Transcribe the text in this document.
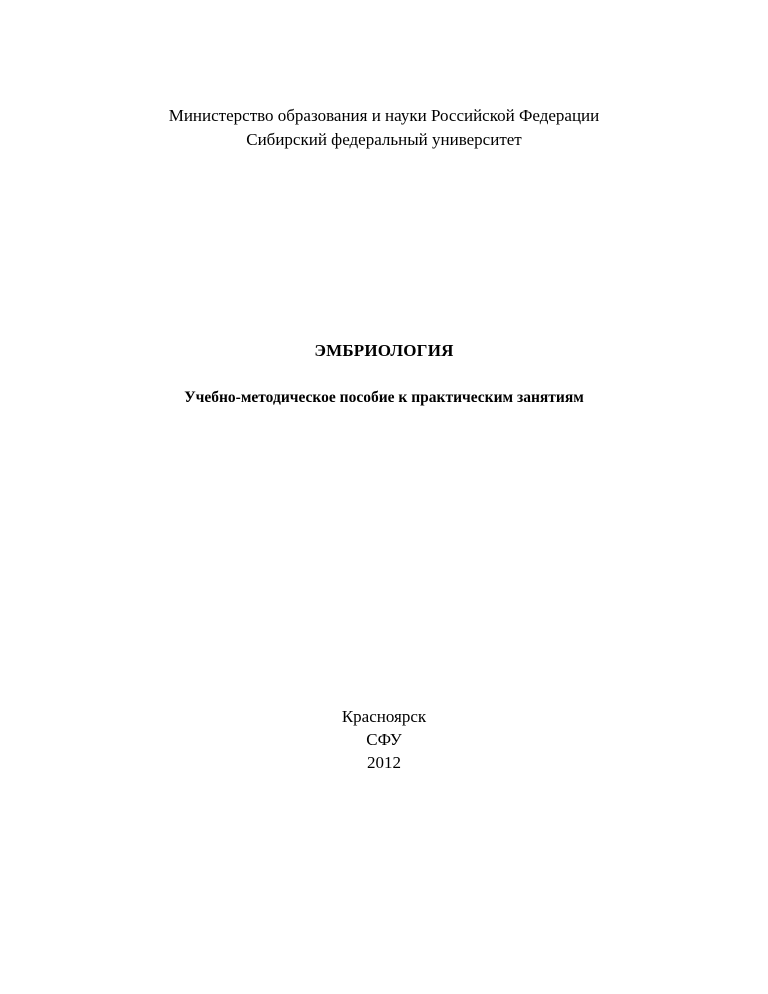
Министерство образования и науки Российской Федерации
Сибирский федеральный университет
ЭМБРИОЛОГИЯ
Учебно-методическое пособие к практическим занятиям
Красноярск
СФУ
2012
